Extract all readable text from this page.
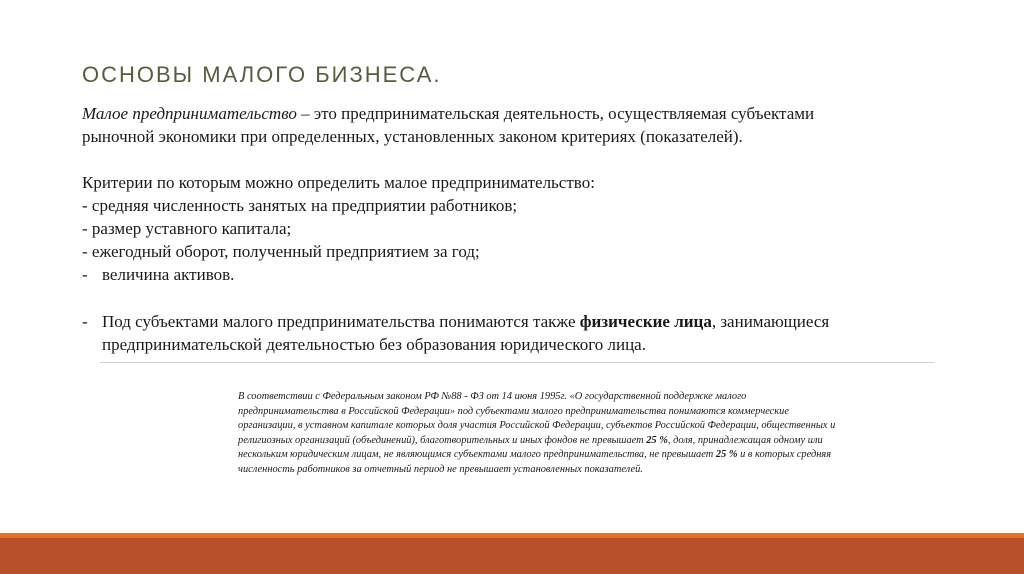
ОСНОВЫ МАЛОГО БИЗНЕСА.
Малое предпринимательство – это предпринимательская деятельность, осуществляемая субъектами
рыночной экономики при определенных, установленных законом критериях (показателей).
Критерии по которым можно определить малое предпринимательство:
- средняя численность занятых на предприятии работников;
- размер уставного капитала;
- ежегодный оборот, полученный предприятием за год;
- величина активов.
- Под субъектами малого предпринимательства понимаются также физические лица, занимающиеся
предпринимательской деятельностью без образования юридического лица.
В соответствии с Федеральным законом РФ №88 - ФЗ от 14 июня 1995г. «О государственной поддержке малого предпринимательства в Российской Федерации» под субъектами малого предпринимательства понимаются коммерческие организации, в уставном капитале которых доля участия Российской Федерации, субъектов Российской Федерации, общественных и религиозных организаций (объединений), благотворительных и иных фондов не превышает 25 %, доля, принадлежащая одному или нескольким юридическим лицам, не являющимся субъектами малого предпринимательства, не превышает 25 % и в которых средняя численность работников за отчетный период не превышает установленных показателей.
